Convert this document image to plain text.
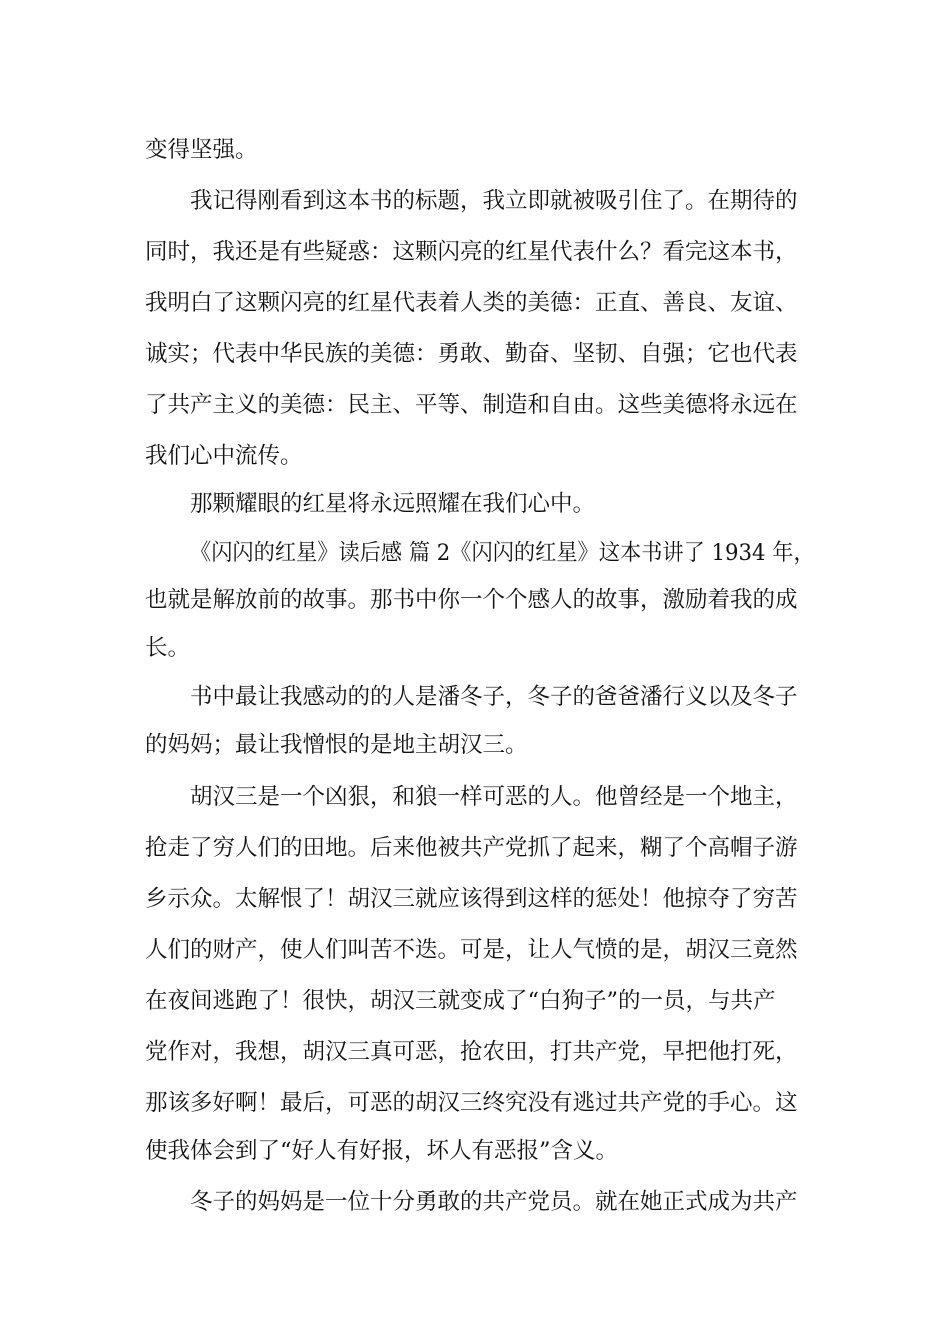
变得坚强。
我记得刚看到这本书的标题，我立即就被吸引住了。在期待的
同时，我还是有些疑惑：这颗闪亮的红星代表什么？看完这本书，
我明白了这颗闪亮的红星代表着人类的美德：正直、善良、友谊、
诚实；代表中华民族的美德：勇敢、勤奋、坚韧、自强；它也代表
了共产主义的美德：民主、平等、制造和自由。这些美德将永远在
我们心中流传。
那颗耀眼的红星将永远照耀在我们心中。
《闪闪的红星》读后感 篇 2《闪闪的红星》这本书讲了 1934 年，
也就是解放前的故事。那书中你一个个感人的故事，激励着我的成
长。
书中最让我感动的的人是潘冬子，冬子的爸爸潘行义以及冬子
的妈妈；最让我憎恨的是地主胡汉三。
胡汉三是一个凶狠，和狼一样可恶的人。他曾经是一个地主，
抢走了穷人们的田地。后来他被共产党抓了起来，糊了个高帽子游
乡示众。太解恨了！胡汉三就应该得到这样的惩处！他掠夺了穷苦
人们的财产，使人们叫苦不迭。可是，让人气愤的是，胡汉三竟然
在夜间逃跑了！很快，胡汉三就变成了“白狗子”的一员，与共产
党作对，我想，胡汉三真可恶，抢农田，打共产党，早把他打死，
那该多好啊！最后，可恶的胡汉三终究没有逃过共产党的手心。这
使我体会到了“好人有好报，坏人有恶报”含义。
冬子的妈妈是一位十分勇敢的共产党员。就在她正式成为共产
